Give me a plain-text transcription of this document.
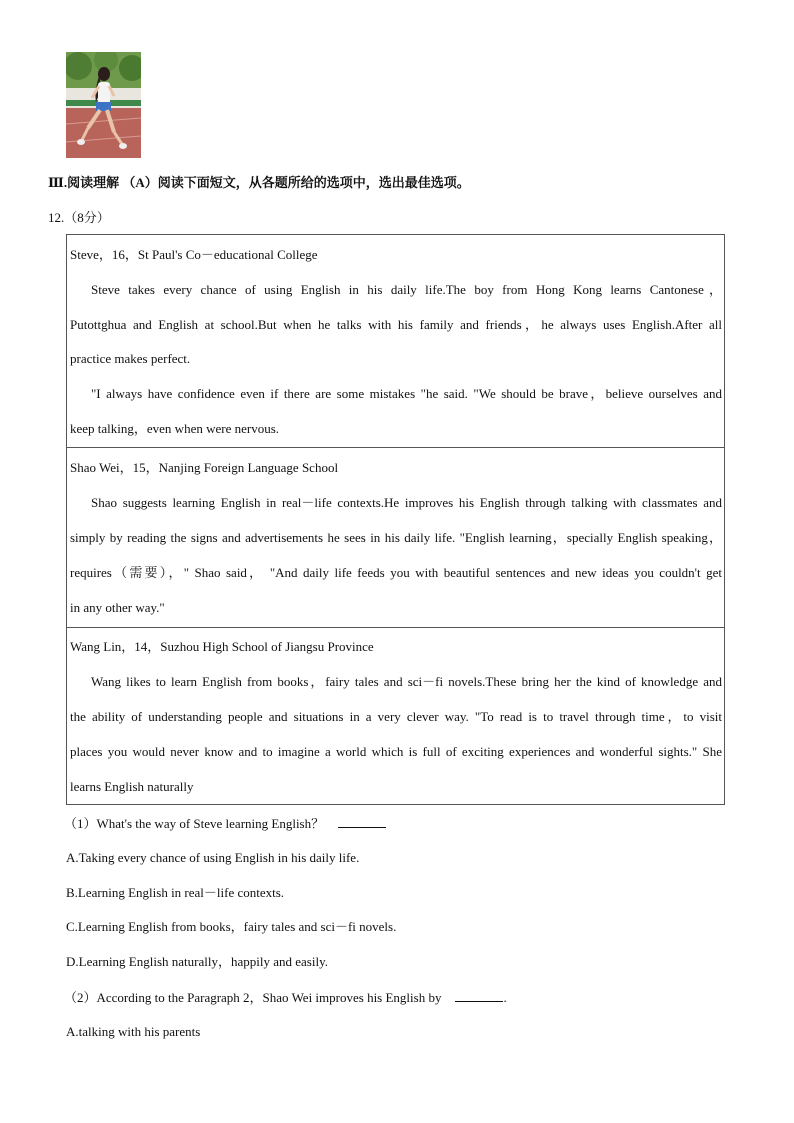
Ⅲ.阅读理解 （A）阅读下面短文，从各题所给的选项中，选出最佳选项。
12.（8分）
Steve，16，St Paul's Co－educational College
Steve takes every chance of using English in his daily life.The boy from Hong Kong learns Cantonese，
Putottghua and English at school.But when he talks with his family and friends，he always uses English.After all
practice makes perfect.
"I always have confidence even if there are some mistakes "he said. "We should be brave，believe ourselves and
keep talking，even when were nervous.
Shao Wei，15，Nanjing Foreign Language School
Shao suggests learning English in real－life contexts.He improves his English through talking with classmates and
simply by reading the signs and advertisements he sees in his daily life. "English learning，specially English speaking，
requires（需要），" Shao said， "And daily life feeds you with beautiful sentences and new ideas you couldn't get
in any other way."
Wang Lin，14，Suzhou High School of Jiangsu Province
Wang likes to learn English from books，fairy tales and sci－fi novels.These bring her the kind of knowledge and
the ability of understanding people and situations in a very clever way. "To read is to travel through time，to visit
places you would never know and to imagine a world which is full of exciting experiences and wonderful sights." She
learns English naturally
（1）What's the way of Steve learning English？
A.Taking every chance of using English in his daily life.
B.Learning English in real－life contexts.
C.Learning English from books，fairy tales and sci－fi novels.
D.Learning English naturally，happily and easily.
（2）According to the Paragraph 2，Shao Wei improves his English by	.
A.talking with his parents
